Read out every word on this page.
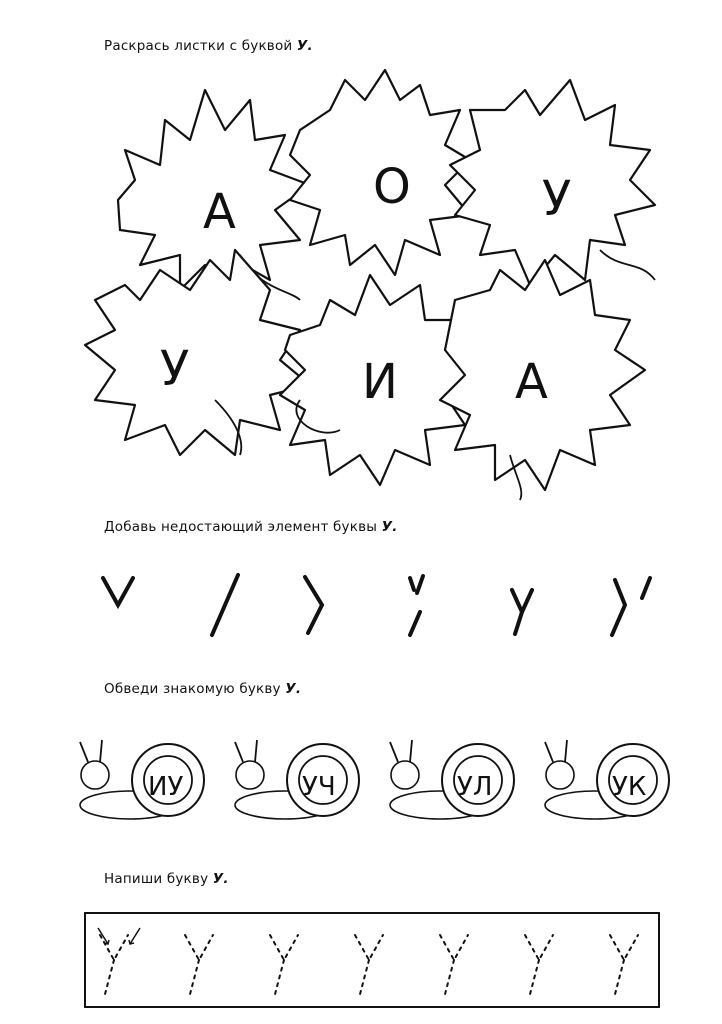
Раскрась листки с буквой У.
А	О	У
У	И А
ИУ	УЧ	УЛ	УК
Добавь недостающий элемент буквы У.
Обведи знакомую букву У.
Напиши букву У.
